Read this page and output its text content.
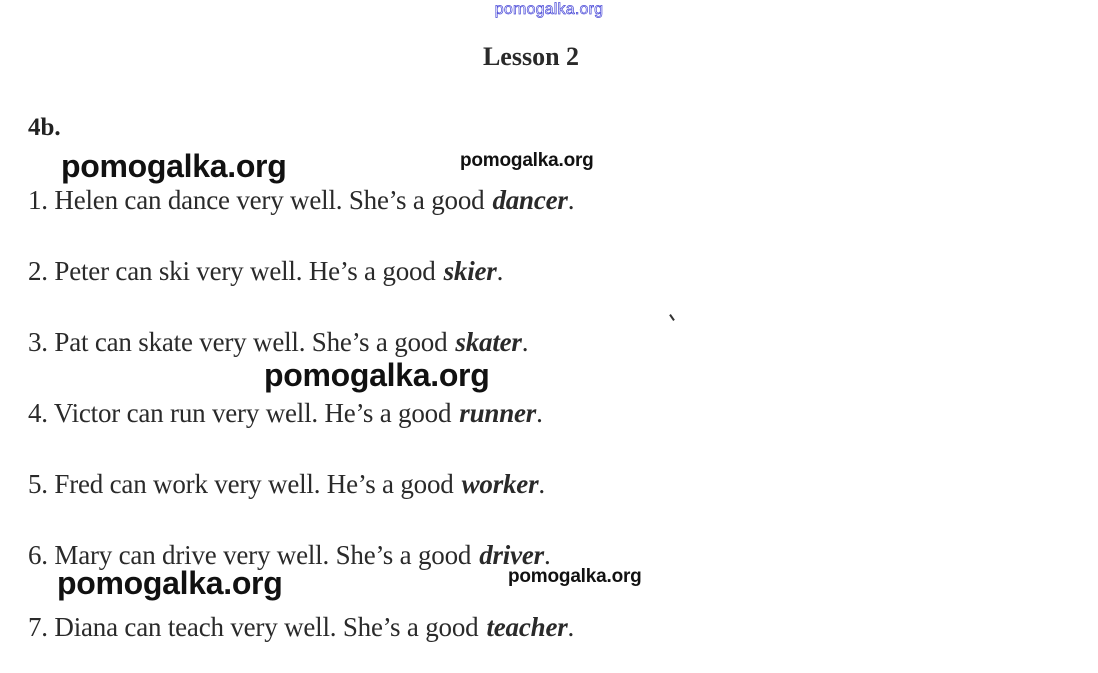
pomogalka.org
Lesson 2
4b.
1. Helen can dance very well. She’s a good dancer.
2. Peter can ski very well. He’s a good skier.
3. Pat can skate very well. She’s a good skater.
4. Victor can run very well. He’s a good runner.
5. Fred can work very well. He’s a good worker.
6. Mary can drive very well. She’s a good driver.
7. Diana can teach very well. She’s a good teacher.
pomogalka.org	pomogalka.org
pomogalka.org
pomogalka.org	pomogalka.org
